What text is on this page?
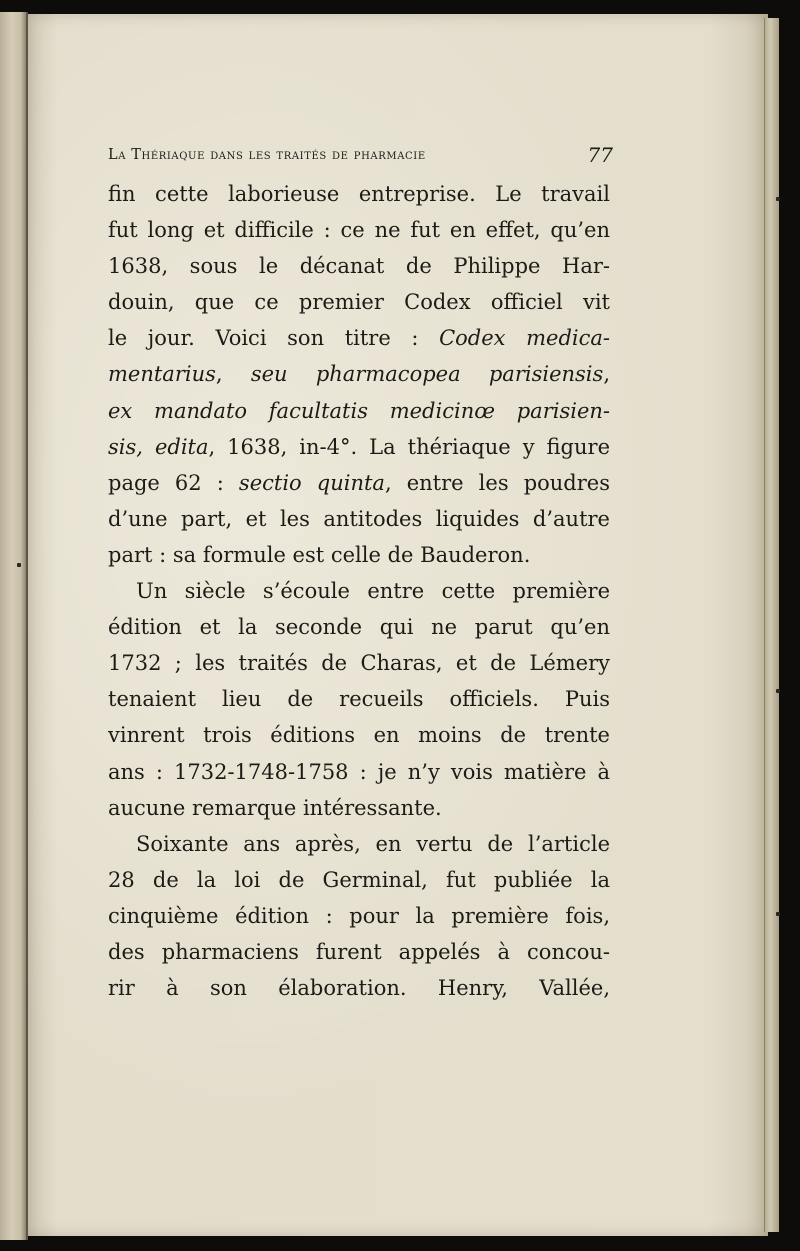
La Thériaque dans les traités de pharmacie	77
fin cette laborieuse entreprise. Le travail
fut long et difficile : ce ne fut en effet, qu’en
1638, sous le décanat de Philippe Har-
douin, que ce premier Codex officiel vit
le jour. Voici son titre : Codex medica-
mentarius, seu pharmacopea parisiensis,
ex mandato facultatis medicinœ parisien-
sis, edita, 1638, in-4°. La thériaque y figure
page 62 : sectio quinta, entre les poudres
d’une part, et les antitodes liquides d’autre
part : sa formule est celle de Bauderon.
Un siècle s’écoule entre cette première
édition et la seconde qui ne parut qu’en
1732 ; les traités de Charas, et de Lémery
tenaient lieu de recueils officiels. Puis
vinrent trois éditions en moins de trente
ans : 1732-1748-1758 : je n’y vois matière à
aucune remarque intéressante.
Soixante ans après, en vertu de l’article
28 de la loi de Germinal, fut publiée la
cinquième édition : pour la première fois,
des pharmaciens furent appelés à concou-
rir à son élaboration. Henry, Vallée,
